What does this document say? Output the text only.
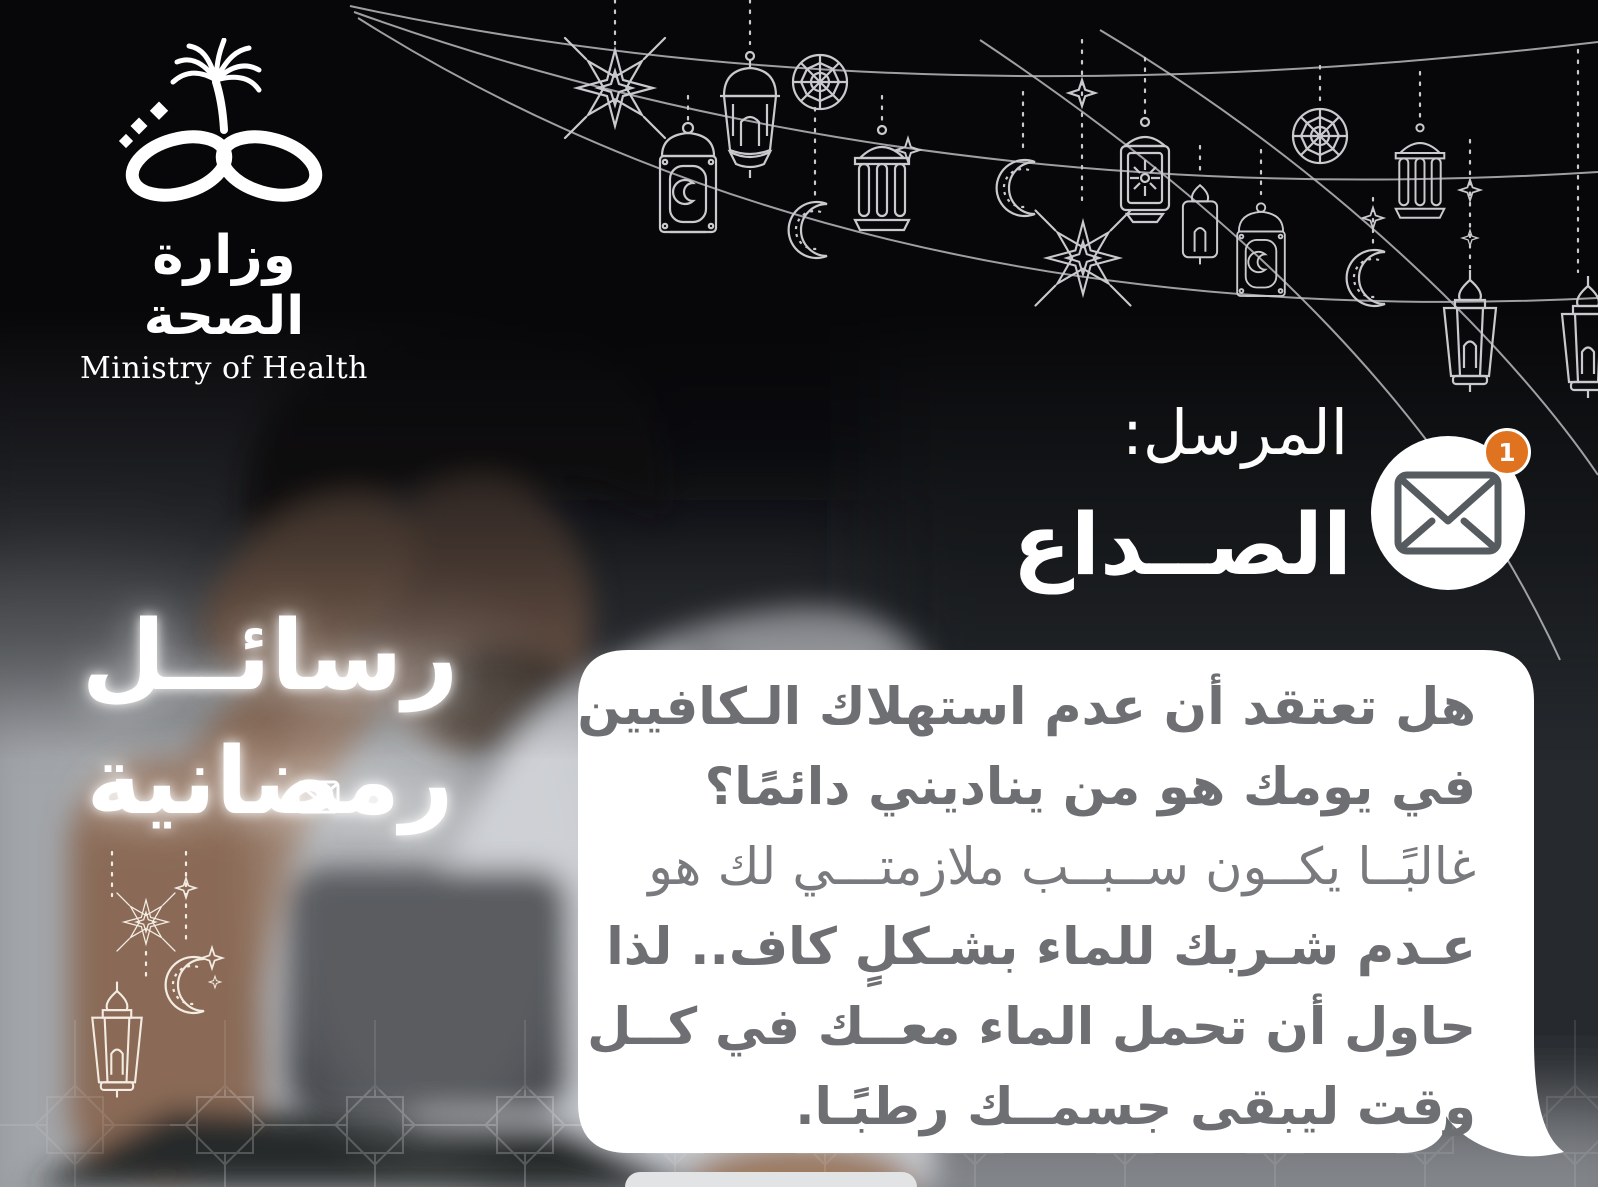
وزارة الصحة
Ministry of Health
رسائــل
رمضانية
المرسل:
الصــداع
1
هل تعتقد أن عدم استهلاك الـكافيين
في يومك هو من يناديني دائمًا؟
غالبًــا يكــون ســبــب ملازمتـــي لك هو
عـدم شـربك للماء بشـكلٍ كاف.. لذا
حاول أن تحمل الماء معــك في كــل
وقت ليبقى جسمــك رطبًـا.
